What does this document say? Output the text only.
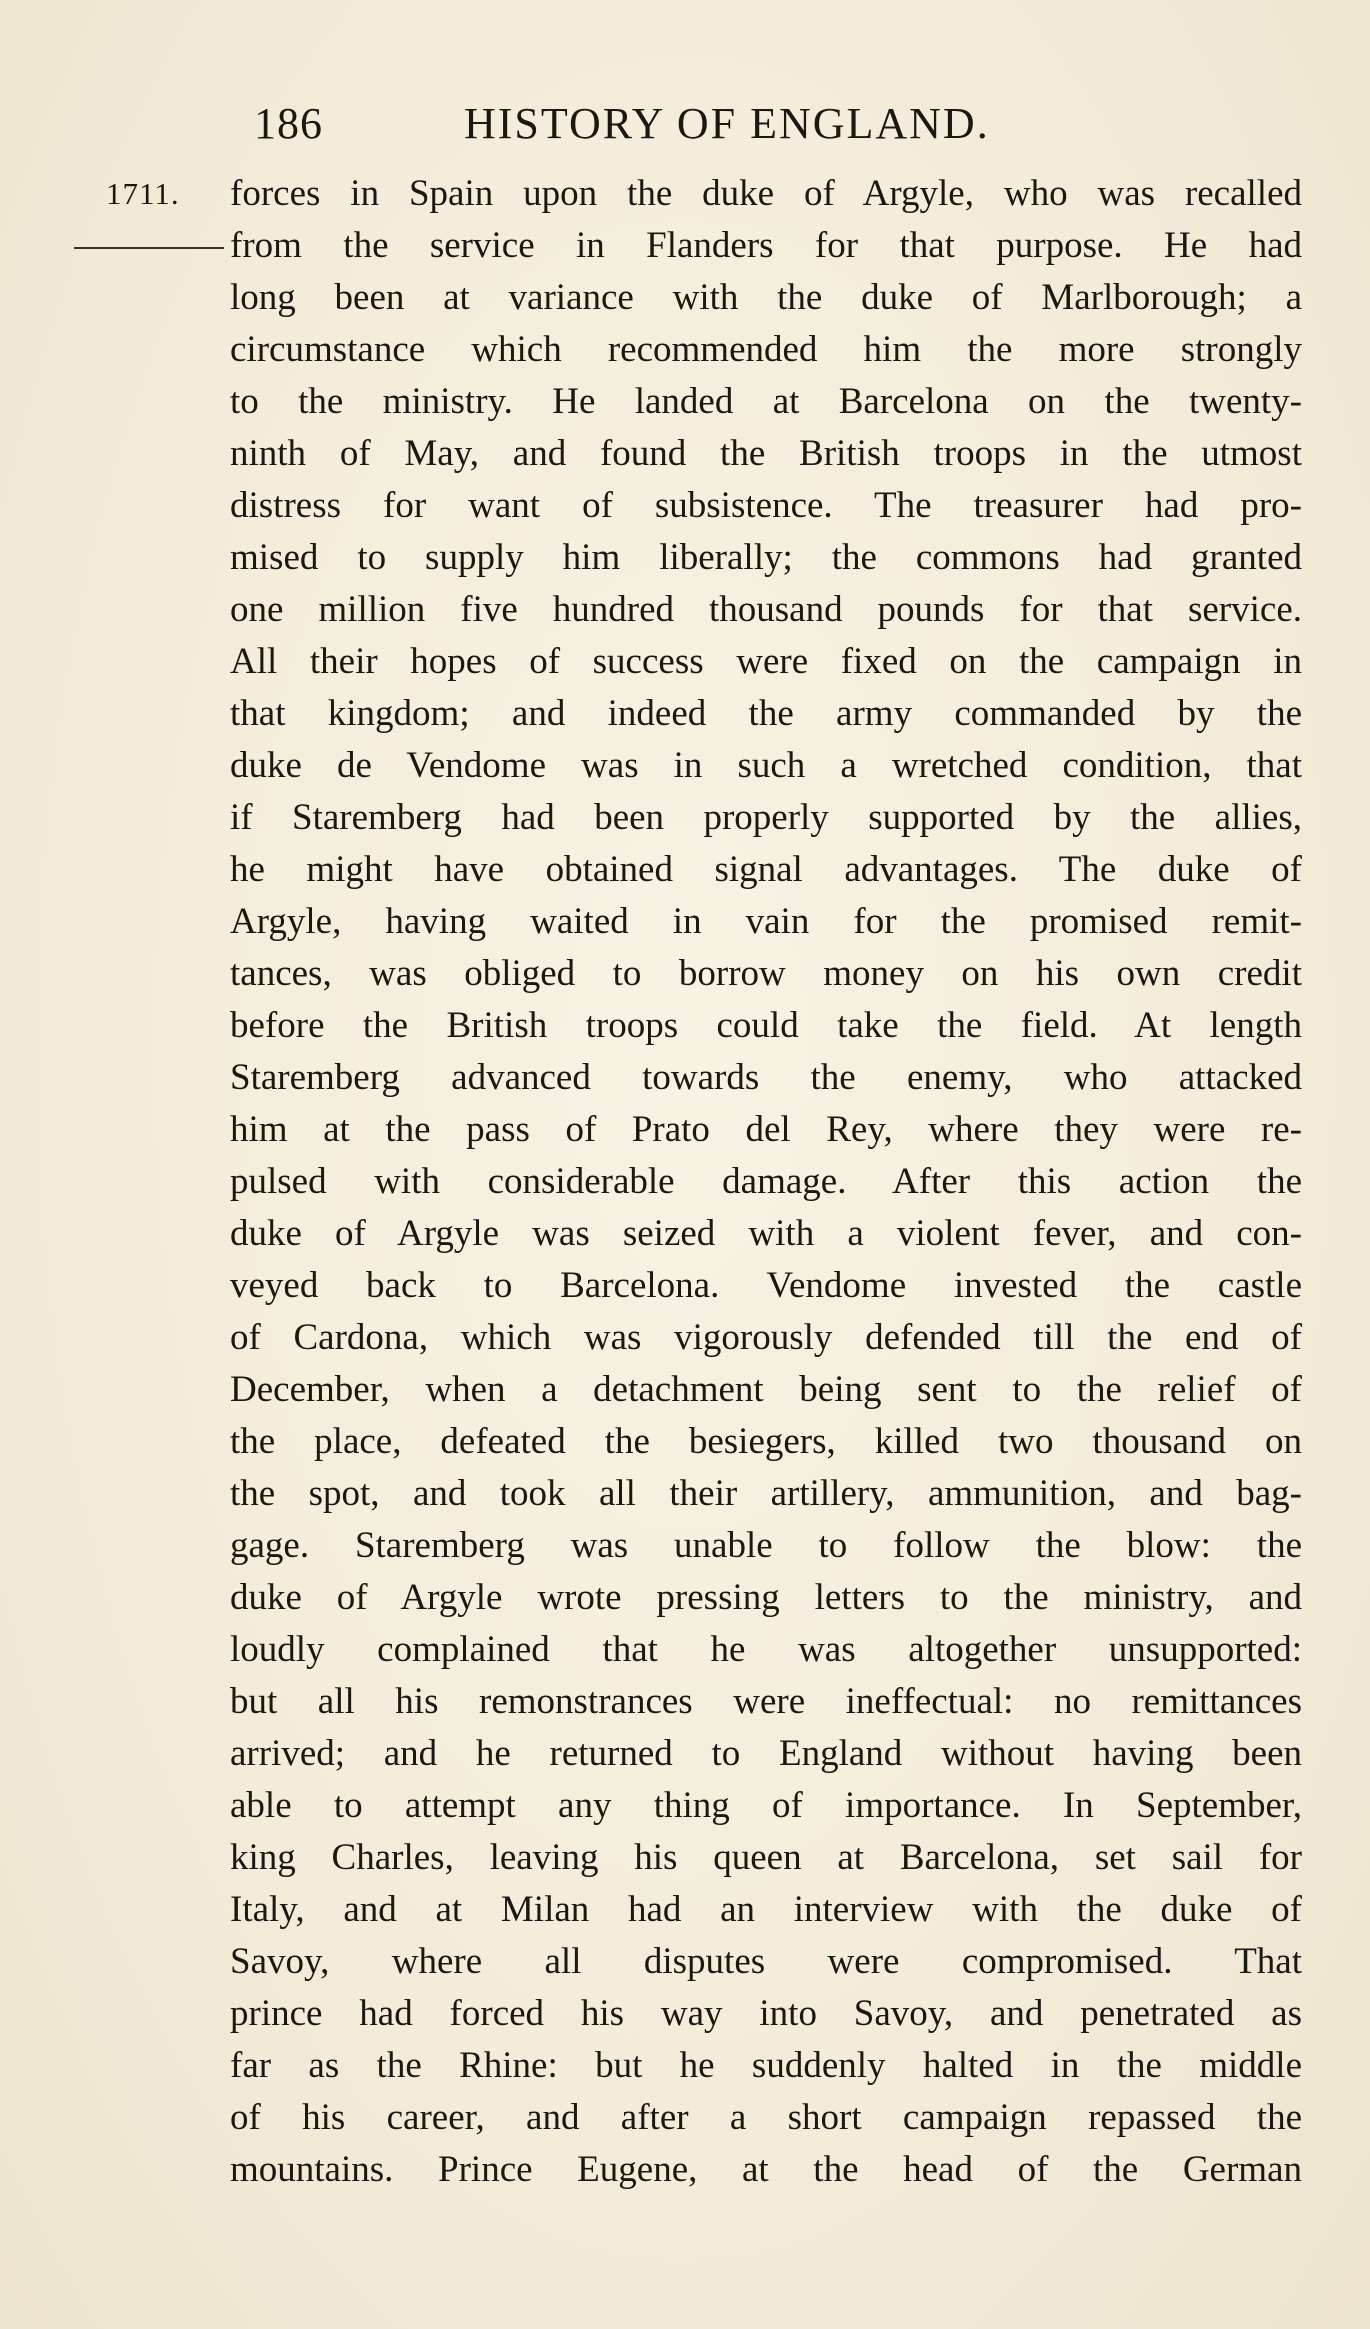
186	HISTORY OF ENGLAND.
1711. forces in Spain upon the duke of Argyle, who was recalled
from the service in Flanders for that purpose. He had
long been at variance with the duke of Marlborough; a
circumstance which recommended him the more strongly
to the ministry. He landed at Barcelona on the twenty-
ninth of May, and found the British troops in the utmost
distress for want of subsistence. The treasurer had pro-
mised to supply him liberally; the commons had granted
one million five hundred thousand pounds for that service.
All their hopes of success were fixed on the campaign in
that kingdom; and indeed the army commanded by the
duke de Vendome was in such a wretched condition, that
if Staremberg had been properly supported by the allies,
he might have obtained signal advantages. The duke of
Argyle, having waited in vain for the promised remit-
tances, was obliged to borrow money on his own credit
before the British troops could take the field. At length
Staremberg advanced towards the enemy, who attacked
him at the pass of Prato del Rey, where they were re-
pulsed with considerable damage. After this action the
duke of Argyle was seized with a violent fever, and con-
veyed back to Barcelona. Vendome invested the castle
of Cardona, which was vigorously defended till the end of
December, when a detachment being sent to the relief of
the place, defeated the besiegers, killed two thousand on
the spot, and took all their artillery, ammunition, and bag-
gage. Staremberg was unable to follow the blow: the
duke of Argyle wrote pressing letters to the ministry, and
loudly complained that he was altogether unsupported:
but all his remonstrances were ineffectual: no remittances
arrived; and he returned to England without having been
able to attempt any thing of importance. In September,
king Charles, leaving his queen at Barcelona, set sail for
Italy, and at Milan had an interview with the duke of
Savoy, where all disputes were compromised. That
prince had forced his way into Savoy, and penetrated as
far as the Rhine: but he suddenly halted in the middle
of his career, and after a short campaign repassed the
mountains. Prince Eugene, at the head of the German
